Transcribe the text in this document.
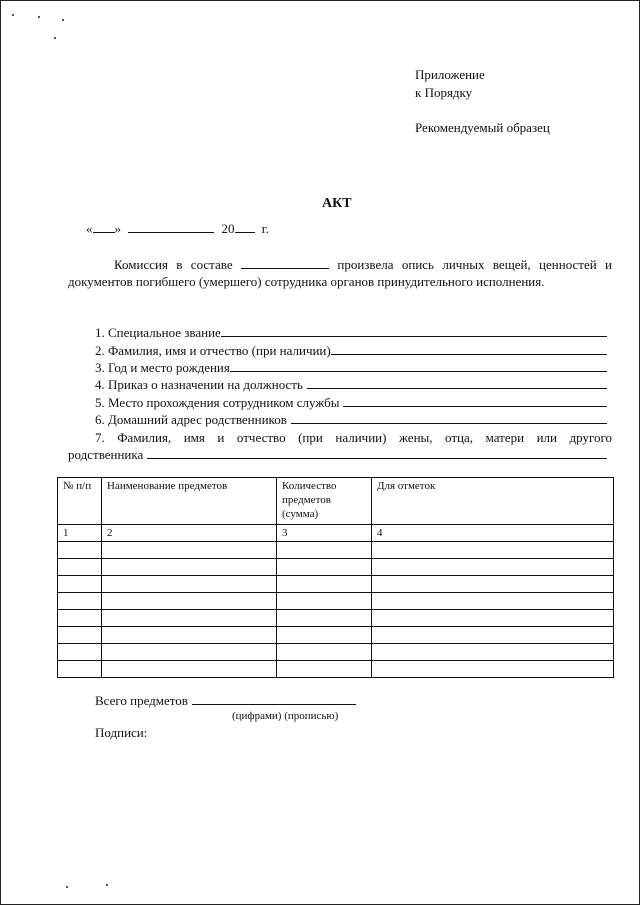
Приложение
к Порядку
Рекомендуемый образец
АКТ
« »	20 г.
Комиссия в составе	произвела опись личных вещей, ценностей и документов погибшего (умершего) сотрудника органов принудительного исполнения.
1. Специальное звание
2. Фамилия, имя и отчество (при наличии)
3. Год и место рождения
4. Приказ о назначении на должность
5. Место прохождения сотрудником службы
6. Домашний адрес родственников
7. Фамилия, имя и отчество (при наличии) жены, отца, матери или другого
родственника
№ п/п	Наименование предметов	Количество предметов (сумма)	Для отметок
1	2	3	4

Всего предметов
(цифрами) (прописью)
Подписи:
